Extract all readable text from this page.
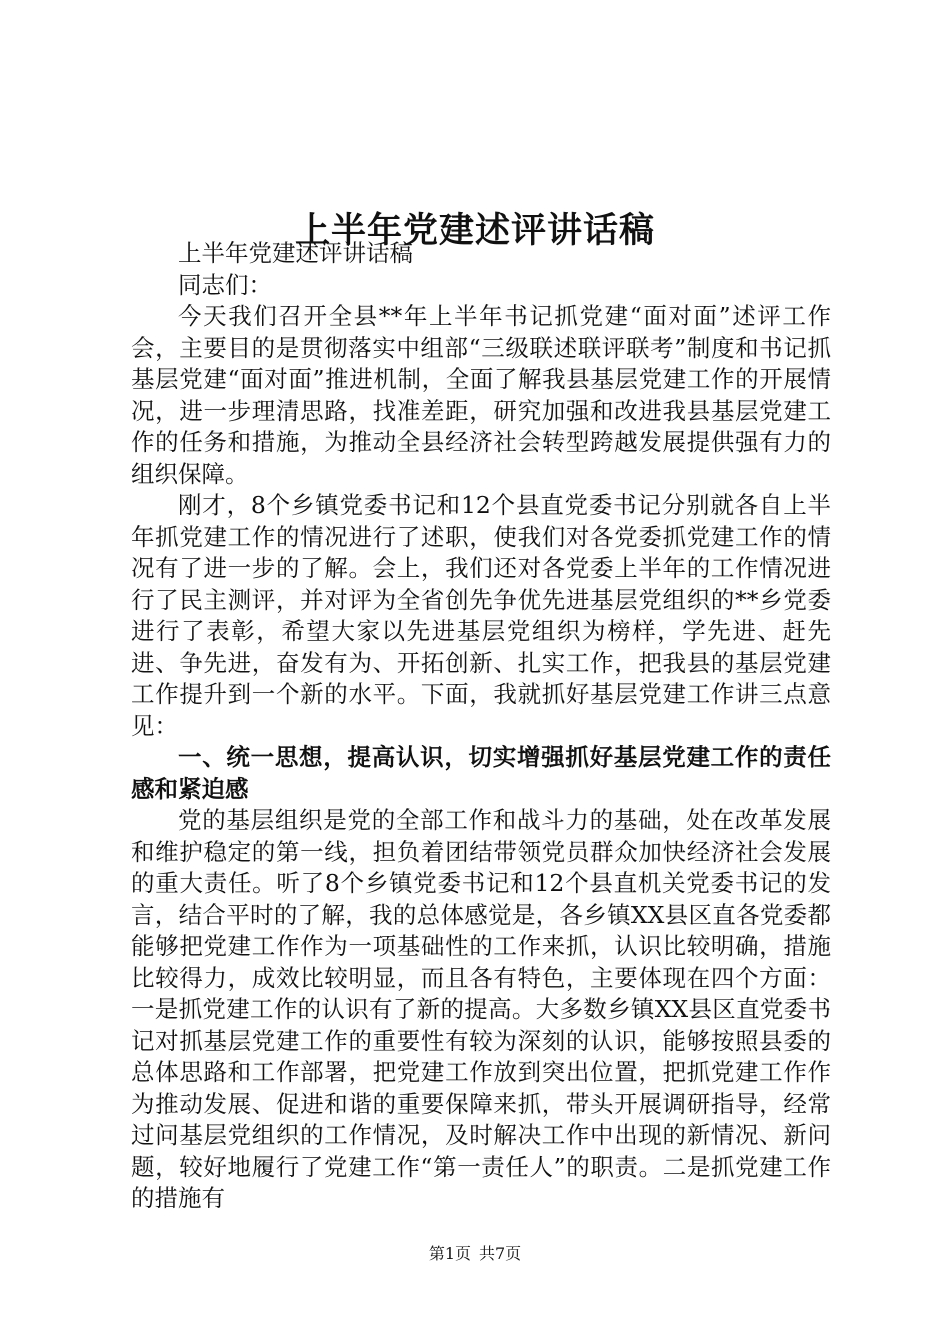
上半年党建述评讲话稿

上半年党建述评讲话稿

同志们：

今天我们召开全县**年上半年书记抓党建“面对面”述评工作会，主要目的是贯彻落实中组部“三级联述联评联考”制度和书记抓基层党建“面对面”推进机制，全面了解我县基层党建工作的开展情况，进一步理清思路，找准差距，研究加强和改进我县基层党建工作的任务和措施，为推动全县经济社会转型跨越发展提供强有力的组织保障。

刚才，8个乡镇党委书记和12个县直党委书记分别就各自上半年抓党建工作的情况进行了述职，使我们对各党委抓党建工作的情况有了进一步的了解。会上，我们还对各党委上半年的工作情况进行了民主测评，并对评为全省创先争优先进基层党组织的**乡党委进行了表彰，希望大家以先进基层党组织为榜样，学先进、赶先进、争先进，奋发有为、开拓创新、扎实工作，把我县的基层党建工作提升到一个新的水平。下面，我就抓好基层党建工作讲三点意见：

一、统一思想，提高认识，切实增强抓好基层党建工作的责任感和紧迫感

党的基层组织是党的全部工作和战斗力的基础，处在改革发展和维护稳定的第一线，担负着团结带领党员群众加快经济社会发展的重大责任。听了8个乡镇党委书记和12个县直机关党委书记的发言，结合平时的了解，我的总体感觉是，各乡镇XX县区直各党委都能够把党建工作作为一项基础性的工作来抓，认识比较明确，措施比较得力，成效比较明显，而且各有特色，主要体现在四个方面：一是抓党建工作的认识有了新的提高。大多数乡镇XX县区直党委书记对抓基层党建工作的重要性有较为深刻的认识，能够按照县委的总体思路和工作部署，把党建工作放到突出位置，把抓党建工作作为推动发展、促进和谐的重要保障来抓，带头开展调研指导，经常过问基层党组织的工作情况，及时解决工作中出现的新情况、新问题，较好地履行了党建工作“第一责任人”的职责。二是抓党建工作的措施有

第1页 共7页
